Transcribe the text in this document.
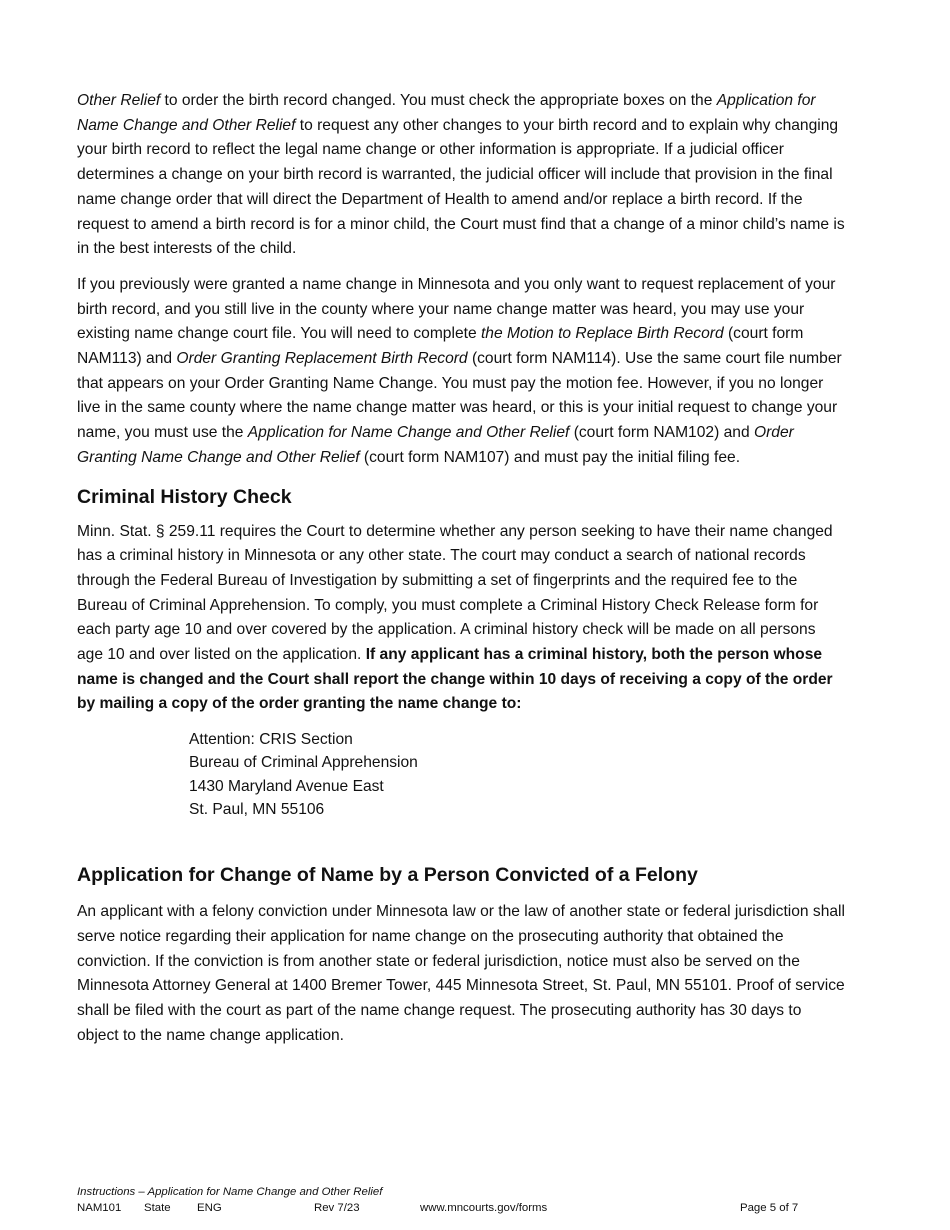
Other Relief to order the birth record changed. You must check the appropriate boxes on the Application for Name Change and Other Relief to request any other changes to your birth record and to explain why changing your birth record to reflect the legal name change or other information is appropriate. If a judicial officer determines a change on your birth record is warranted, the judicial officer will include that provision in the final name change order that will direct the Department of Health to amend and/or replace a birth record. If the request to amend a birth record is for a minor child, the Court must find that a change of a minor child’s name is in the best interests of the child.

If you previously were granted a name change in Minnesota and you only want to request replacement of your birth record, and you still live in the county where your name change matter was heard, you may use your existing name change court file. You will need to complete the Motion to Replace Birth Record (court form NAM113) and Order Granting Replacement Birth Record (court form NAM114). Use the same court file number that appears on your Order Granting Name Change. You must pay the motion fee. However, if you no longer live in the same county where the name change matter was heard, or this is your initial request to change your name, you must use the Application for Name Change and Other Relief (court form NAM102) and Order Granting Name Change and Other Relief (court form NAM107) and must pay the initial filing fee.

Criminal History Check

Minn. Stat. § 259.11 requires the Court to determine whether any person seeking to have their name changed has a criminal history in Minnesota or any other state. The court may conduct a search of national records through the Federal Bureau of Investigation by submitting a set of fingerprints and the required fee to the Bureau of Criminal Apprehension. To comply, you must complete a Criminal History Check Release form for each party age 10 and over covered by the application. A criminal history check will be made on all persons age 10 and over listed on the application. If any applicant has a criminal history, both the person whose name is changed and the Court shall report the change within 10 days of receiving a copy of the order by mailing a copy of the order granting the name change to:

Attention: CRIS Section
Bureau of Criminal Apprehension
1430 Maryland Avenue East
St. Paul, MN 55106
Application for Change of Name by a Person Convicted of a Felony

An applicant with a felony conviction under Minnesota law or the law of another state or federal jurisdiction shall serve notice regarding their application for name change on the prosecuting authority that obtained the conviction. If the conviction is from another state or federal jurisdiction, notice must also be served on the Minnesota Attorney General at 1400 Bremer Tower, 445 Minnesota Street, St. Paul, MN 55101. Proof of service shall be filed with the court as part of the name change request. The prosecuting authority has 30 days to object to the name change application.

Instructions – Application for Name Change and Other Relief
NAM101 State ENG	Rev 7/23	www.mncourts.gov/forms	Page 5 of 7
